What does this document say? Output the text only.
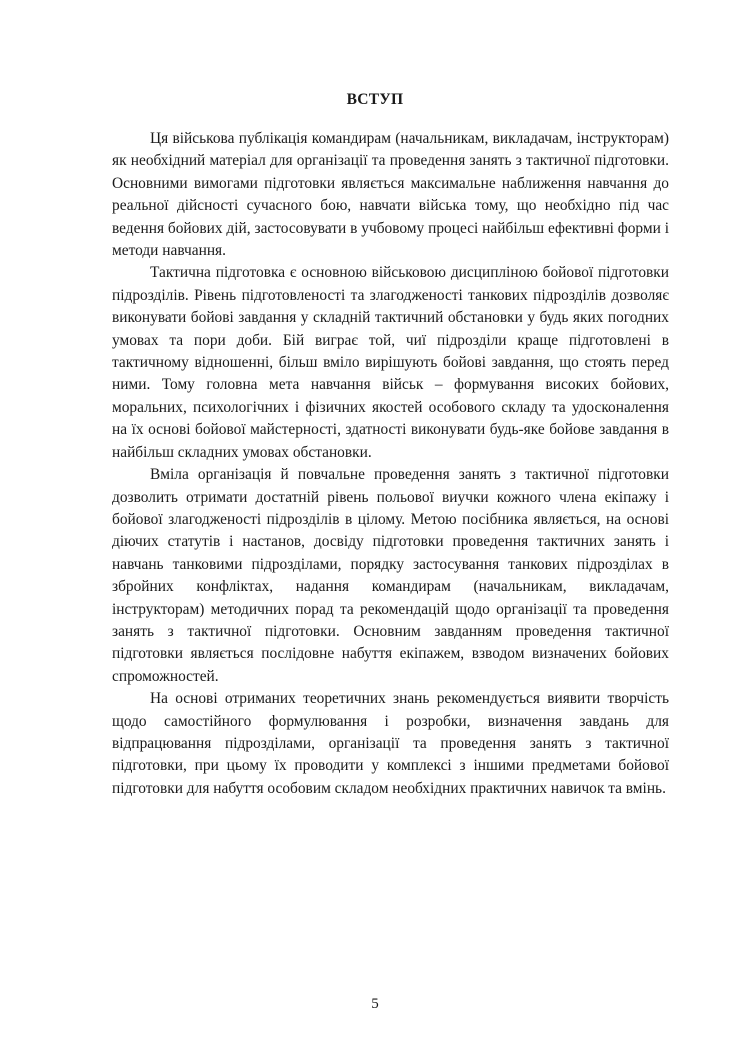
ВСТУП

Ця військова публікація командирам (начальникам, викладачам, інструкторам) як необхідний матеріал для організації та проведення занять з тактичної підготовки. Основними вимогами підготовки являється максимальне наближення навчання до реальної дійсності сучасного бою, навчати війська тому, що необхідно під час ведення бойових дій, застосовувати в учбовому процесі найбільш ефективні форми і методи навчання.

Тактична підготовка є основною військовою дисципліною бойової підготовки підрозділів. Рівень підготовленості та злагодженості танкових підрозділів дозволяє виконувати бойові завдання у складній тактичний обстановки у будь яких погодних умовах та пори доби. Бій виграє той, чиї підрозділи краще підготовлені в тактичному відношенні, більш вміло вирішують бойові завдання, що стоять перед ними. Тому головна мета навчання військ – формування високих бойових, моральних, психологічних і фізичних якостей особового складу та удосконалення на їх основі бойової майстерності, здатності виконувати будь-яке бойове завдання в найбільш складних умовах обстановки.

Вміла організація й повчальне проведення занять з тактичної підготовки дозволить отримати достатній рівень польової виучки кожного члена екіпажу і бойової злагодженості підрозділів в цілому. Метою посібника являється, на основі діючих статутів і настанов, досвіду підготовки проведення тактичних занять і навчань танковими підрозділами, порядку застосування танкових підрозділах в збройних конфліктах, надання командирам (начальникам, викладачам, інструкторам) методичних порад та рекомендацій щодо організації та проведення занять з тактичної підготовки. Основним завданням проведення тактичної підготовки являється послідовне набуття екіпажем, взводом визначених бойових спроможностей.

На основі отриманих теоретичних знань рекомендується виявити творчість щодо самостійного формулювання і розробки, визначення завдань для відпрацювання підрозділами, організації та проведення занять з тактичної підготовки, при цьому їх проводити у комплексі з іншими предметами бойової підготовки для набуття особовим складом необхідних практичних навичок та вмінь.

5
